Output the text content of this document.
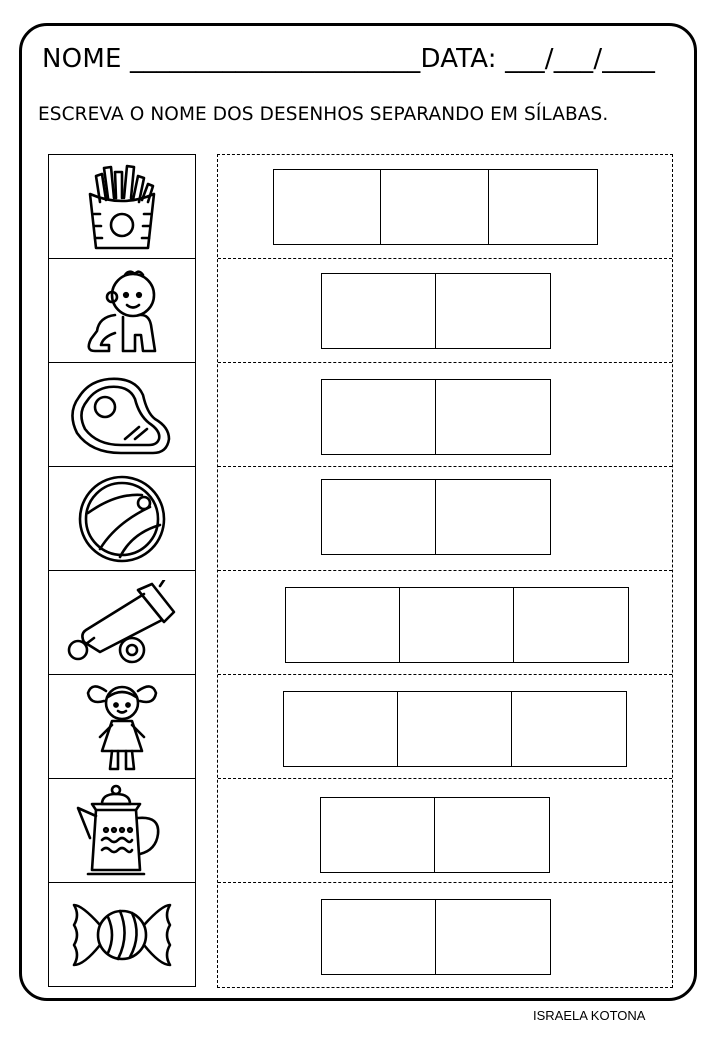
NOME ______________________DATA: ___/___/____
ESCREVA O NOME DOS DESENHOS SEPARANDO EM SÍLABAS.
ISRAELA KOTONA
